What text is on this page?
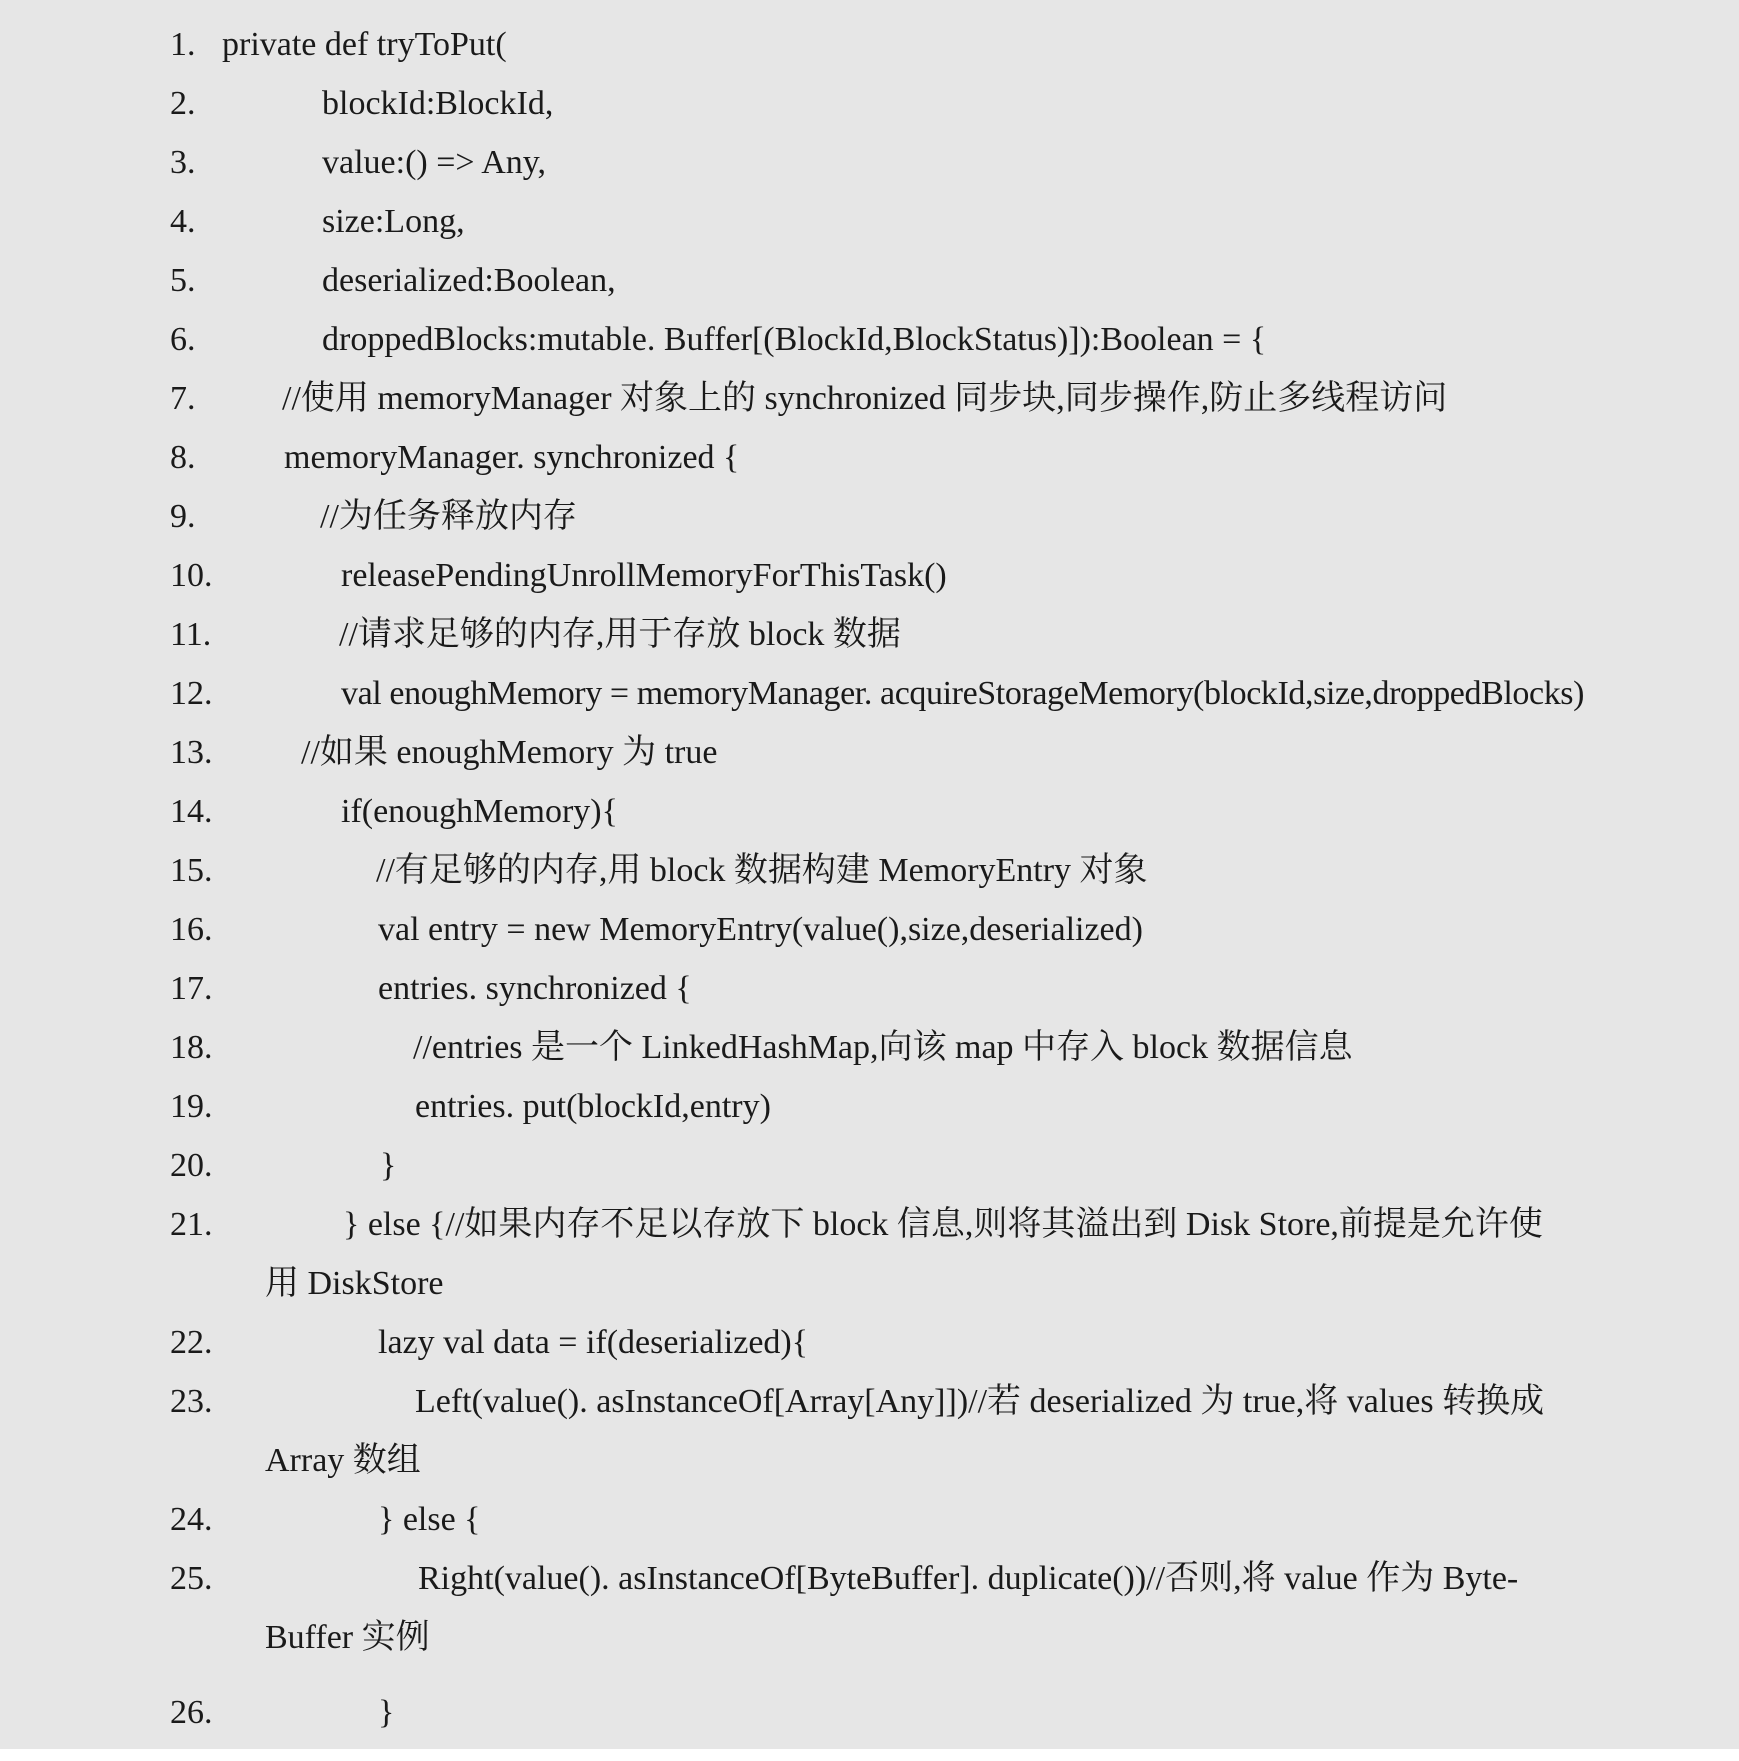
1. private def tryToPut(
2.	blockId:BlockId,
3.	value:() => Any,
4.	size:Long,
5.	deserialized:Boolean,
6.	droppedBlocks:mutable. Buffer[(BlockId,BlockStatus)]):Boolean = {
7.	//使用 memoryManager 对象上的 synchronized 同步块,同步操作,防止多线程访问
8.	memoryManager. synchronized {
9.	//为任务释放内存
10.	releasePendingUnrollMemoryForThisTask()
11.	//请求足够的内存,用于存放 block 数据
12.	val enoughMemory = memoryManager. acquireStorageMemory(blockId,size,droppedBlocks)
13.	//如果 enoughMemory 为 true
14.	if(enoughMemory){
15.	//有足够的内存,用 block 数据构建 MemoryEntry 对象
16.	val entry = new MemoryEntry(value(),size,deserialized)
17.	entries. synchronized {
18.	//entries 是一个 LinkedHashMap,向该 map 中存入 block 数据信息
19.	entries. put(blockId,entry)
20.	}
21.	} else {//如果内存不足以存放下 block 信息,则将其溢出到 Disk Store,前提是允许使
用 DiskStore
22.	lazy val data = if(deserialized){
23.	Left(value(). asInstanceOf[Array[Any]])//若 deserialized 为 true,将 values 转换成
Array 数组
24.	} else {
25.	Right(value(). asInstanceOf[ByteBuffer]. duplicate())//否则,将 value 作为 Byte-
Buffer 实例
26.	}
